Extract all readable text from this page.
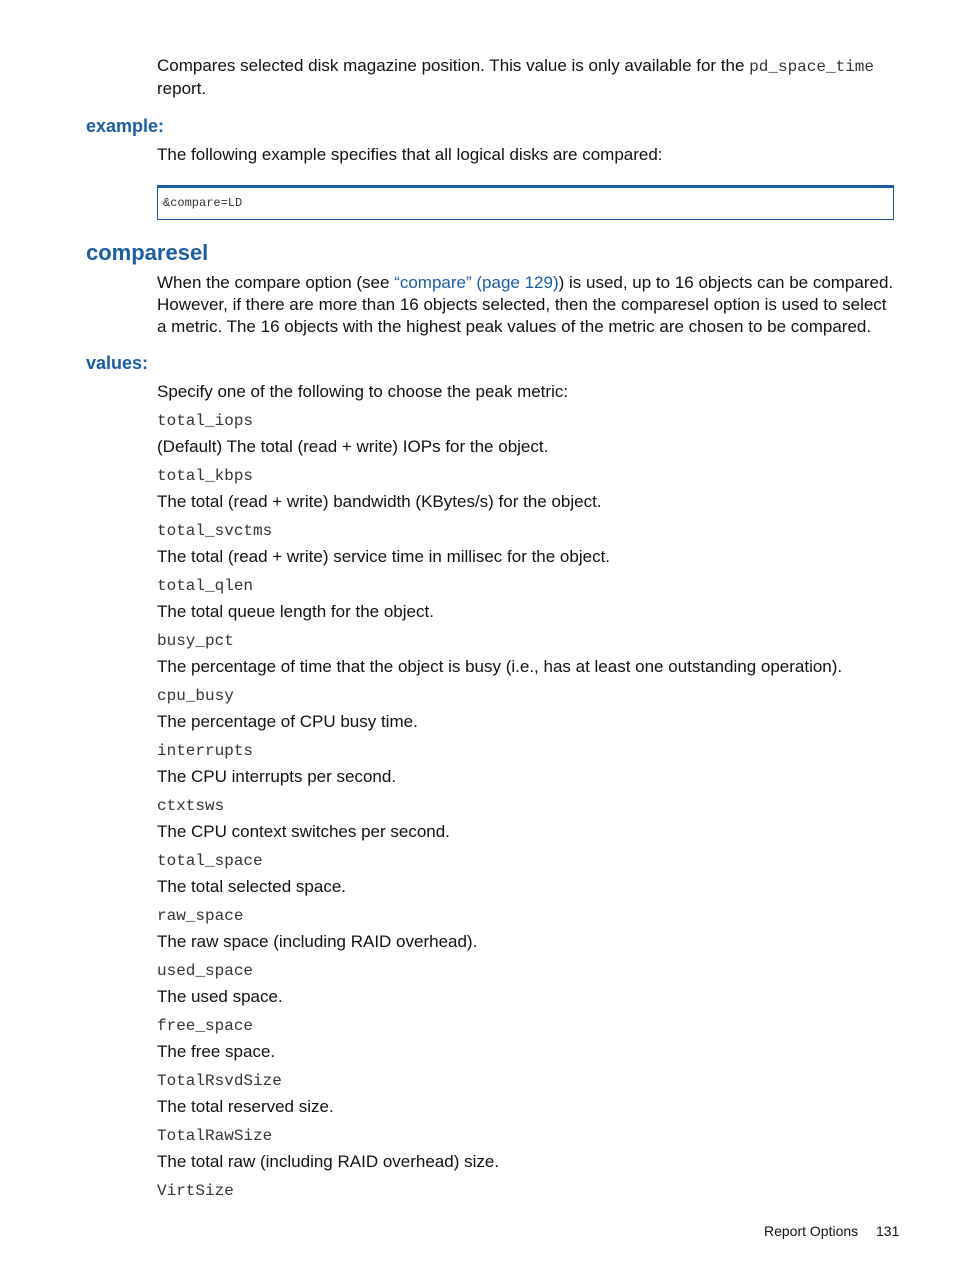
Compares selected disk magazine position. This value is only available for the pd_space_time report.

example:

The following example specifies that all logical disks are compared:

&compare=LD
comparesel

When the compare option (see “compare” (page 129)) is used, up to 16 objects can be compared. However, if there are more than 16 objects selected, then the comparesel option is used to select a metric. The 16 objects with the highest peak values of the metric are chosen to be compared.

values:

Specify one of the following to choose the peak metric:

total_iops

(Default) The total (read + write) IOPs for the object.

total_kbps

The total (read + write) bandwidth (KBytes/s) for the object.

total_svctms

The total (read + write) service time in millisec for the object.

total_qlen

The total queue length for the object.

busy_pct

The percentage of time that the object is busy (i.e., has at least one outstanding operation).

cpu_busy

The percentage of CPU busy time.

interrupts

The CPU interrupts per second.

ctxtsws

The CPU context switches per second.

total_space

The total selected space.

raw_space

The raw space (including RAID overhead).

used_space

The used space.

free_space

The free space.

TotalRsvdSize

The total reserved size.

TotalRawSize

The total raw (including RAID overhead) size.

VirtSize

Report Options 131
